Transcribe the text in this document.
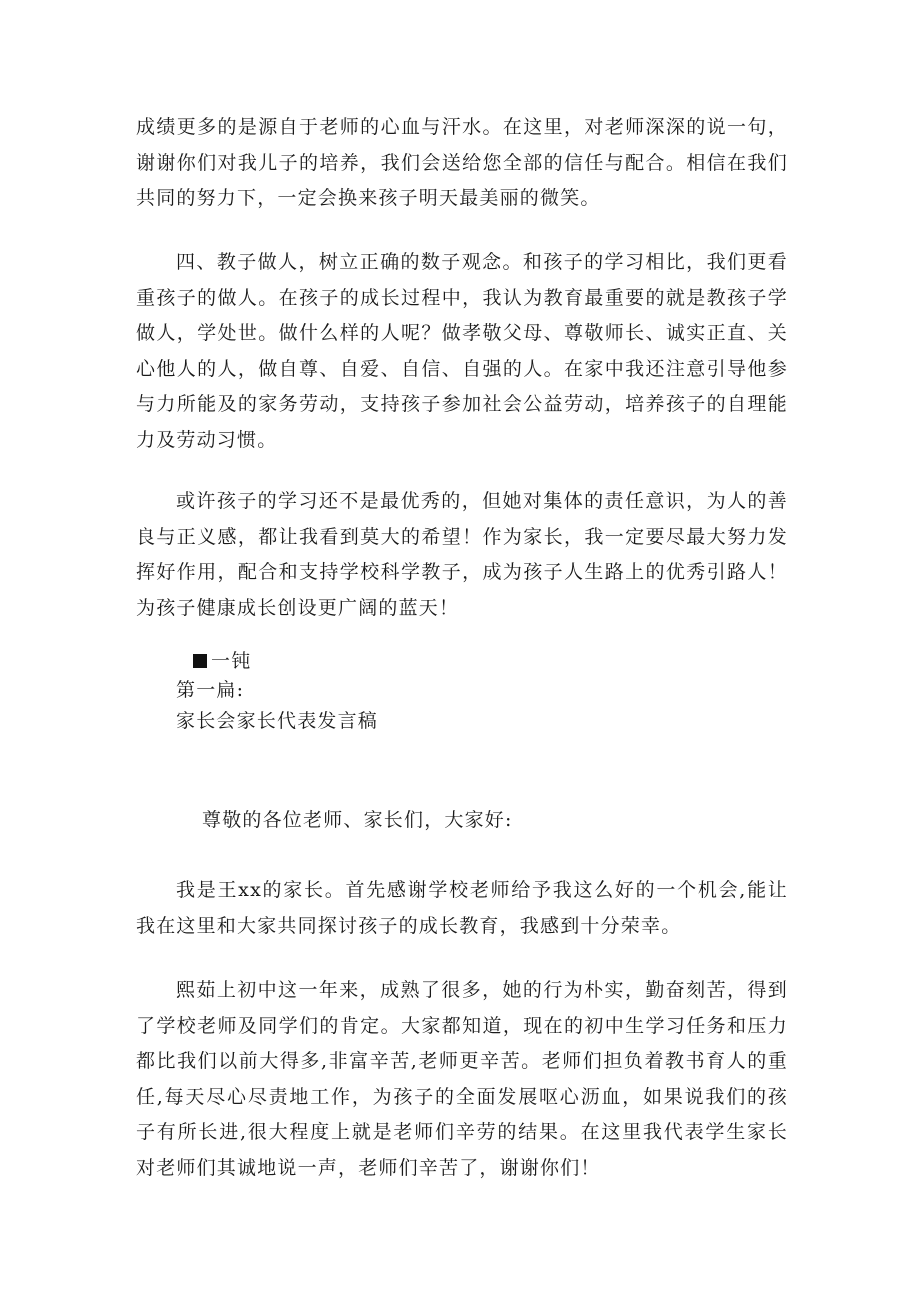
成绩更多的是源自于老师的心血与汗水。在这里，对老师深深的说一句，谢谢你们对我儿子的培养，我们会送给您全部的信任与配合。相信在我们共同的努力下，一定会换来孩子明天最美丽的微笑。

四、教子做人，树立正确的数子观念。和孩子的学习相比，我们更看重孩子的做人。在孩子的成长过程中，我认为教育最重要的就是教孩子学做人，学处世。做什么样的人呢？做孝敬父母、尊敬师长、诚实正直、关心他人的人，做自尊、自爱、自信、自强的人。在家中我还注意引导他参与力所能及的家务劳动，支持孩子参加社会公益劳动，培养孩子的自理能力及劳动习惯。

或许孩子的学习还不是最优秀的，但她对集体的责任意识，为人的善良与正义感，都让我看到莫大的希望！作为家长，我一定要尽最大努力发挥好作用，配合和支持学校科学教子，成为孩子人生路上的优秀引路人！为孩子健康成长创设更广阔的蓝天！

一钝
第一扁:
家长会家长代表发言稿
尊敬的各位老师、家长们，大家好:

我是王xx的家长。首先感谢学校老师给予我这么好的一个机会,能让我在这里和大家共同探讨孩子的成长教育，我感到十分荣幸。

熙茹上初中这一年来，成熟了很多，她的行为朴实，勤奋刻苦，得到了学校老师及同学们的肯定。大家都知道，现在的初中生学习任务和压力都比我们以前大得多,非富辛苦,老师更辛苦。老师们担负着教书育人的重任,每天尽心尽责地工作，为孩子的全面发展呕心沥血，如果说我们的孩子有所长进,很大程度上就是老师们辛劳的结果。在这里我代表学生家长对老师们其诚地说一声，老师们辛苦了，谢谢你们！
